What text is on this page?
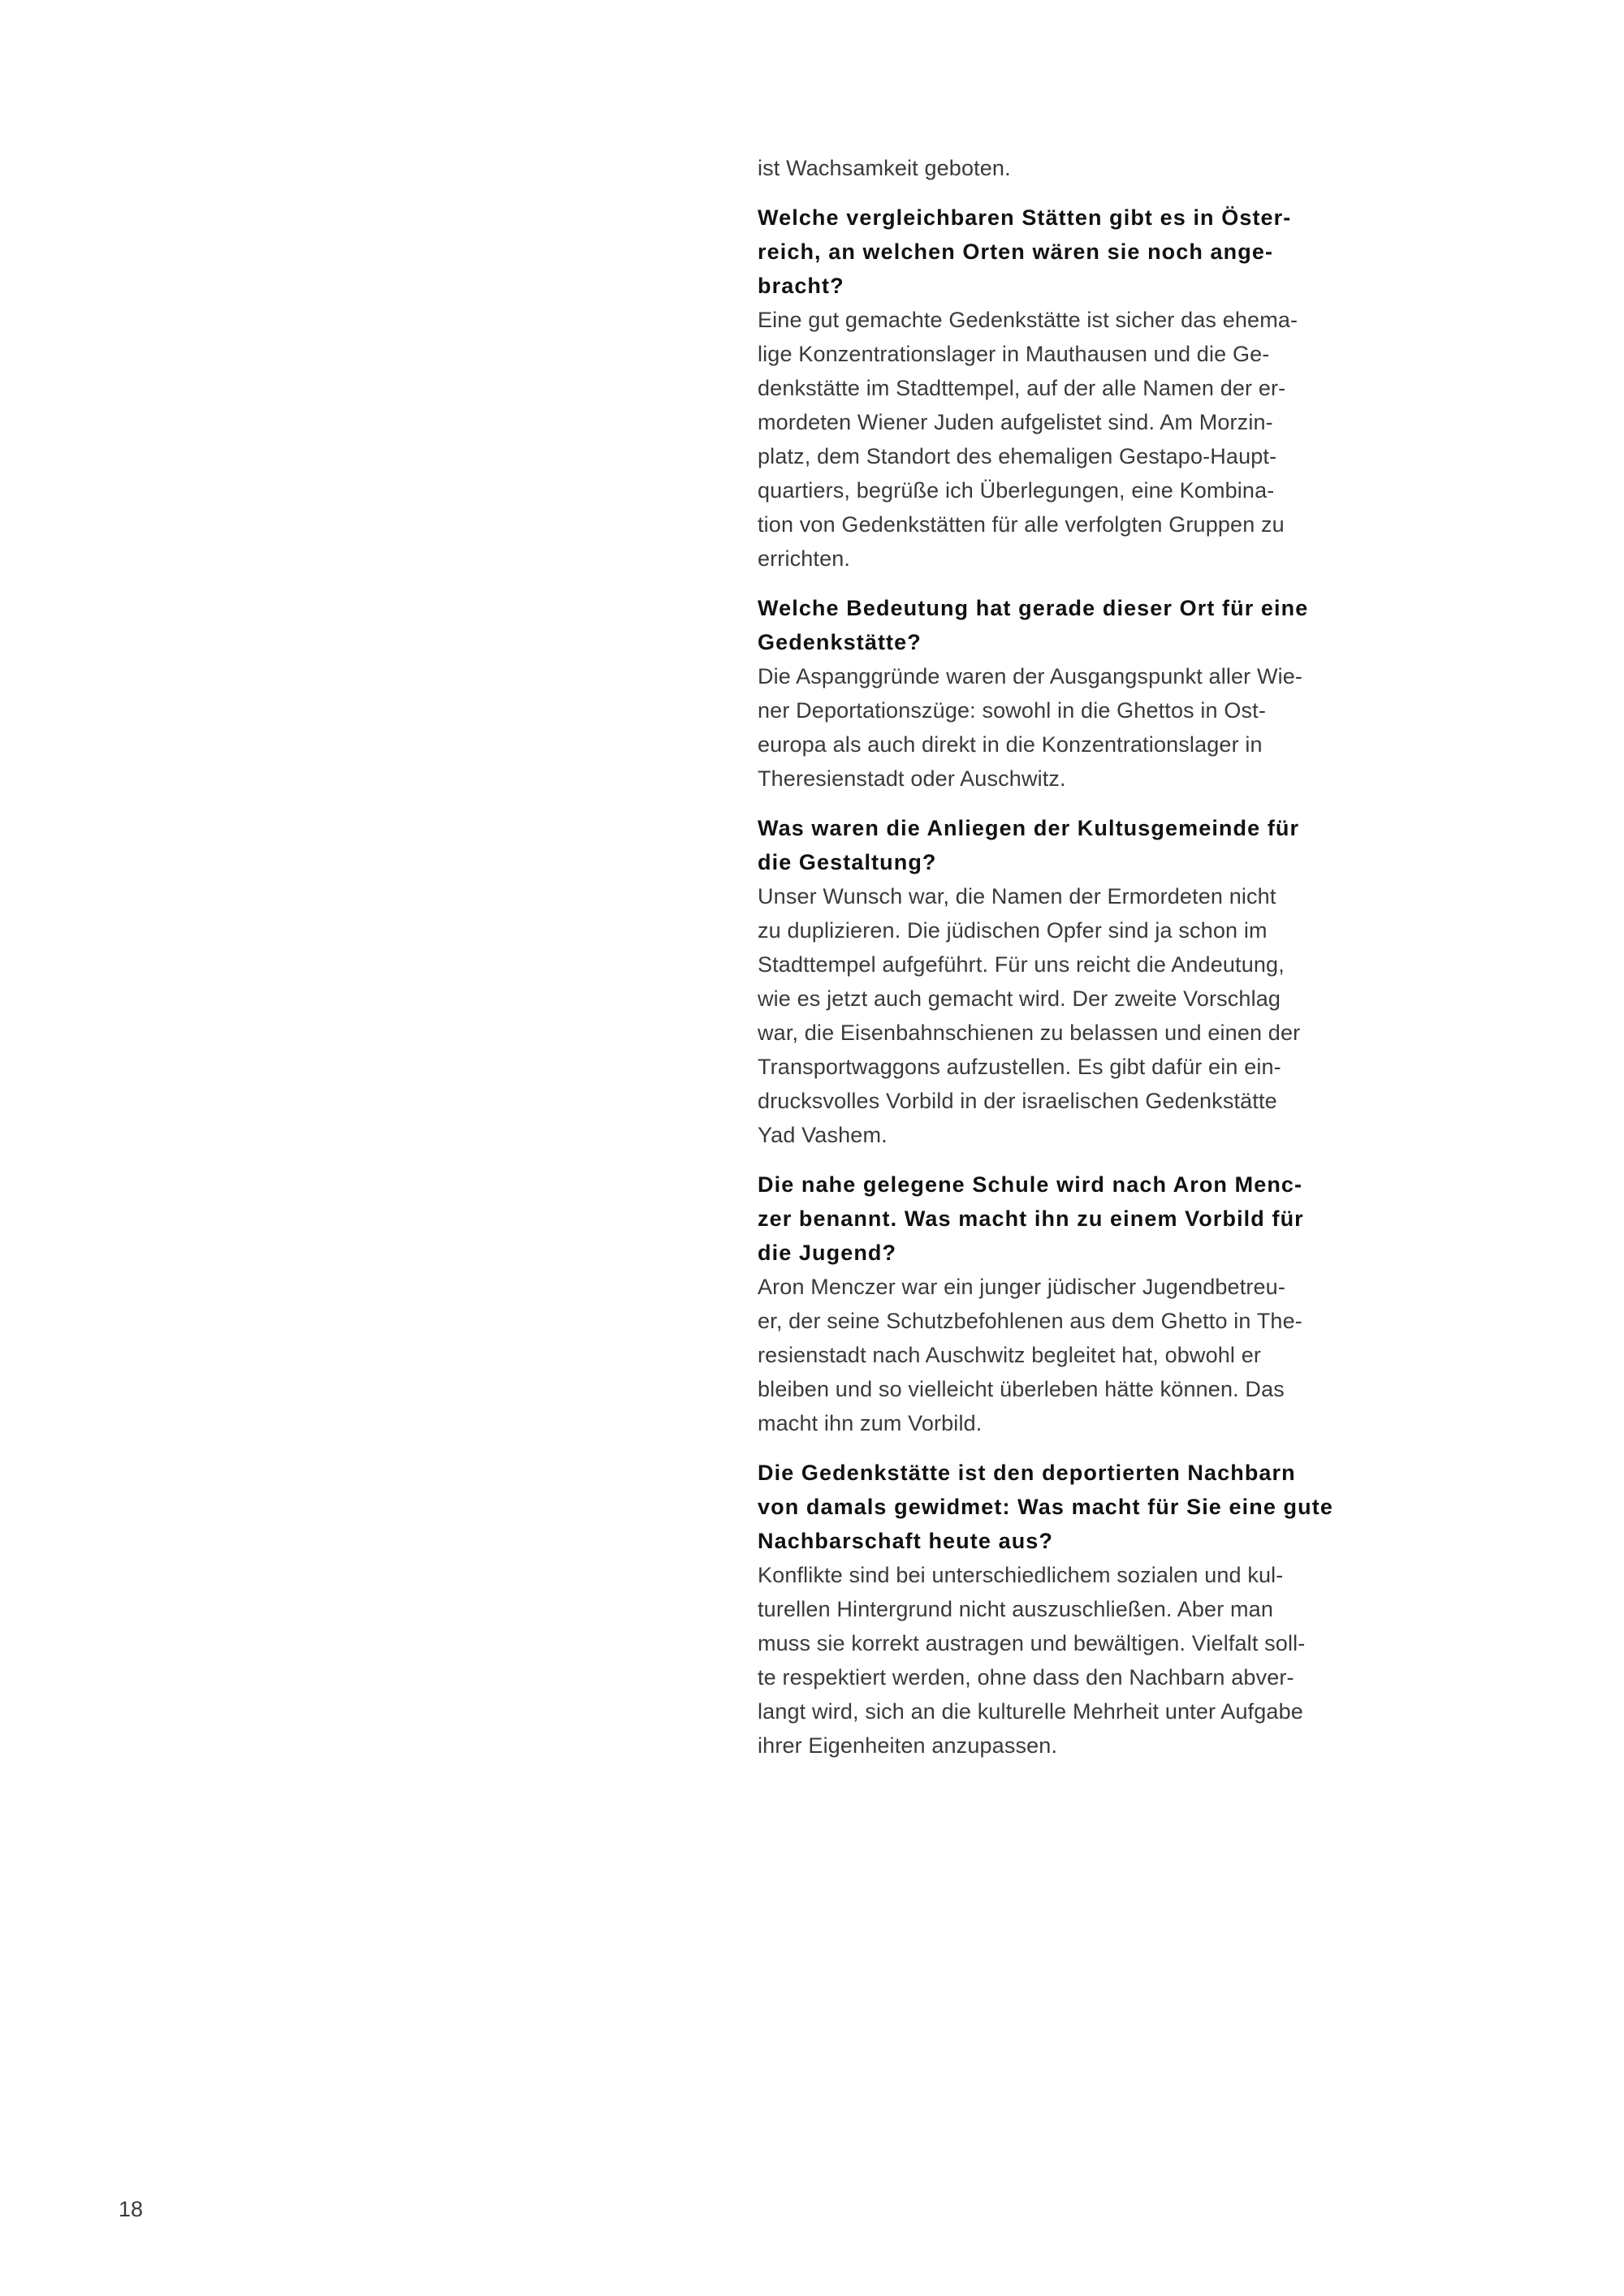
ist Wachsamkeit geboten.
Welche vergleichbaren Stätten gibt es in Öster-
reich, an welchen Orten wären sie noch ange-
bracht?
Eine gut gemachte Gedenkstätte ist sicher das ehema-
lige Konzentrationslager in Mauthausen und die Ge-
denkstätte im Stadttempel, auf der alle Namen der er-
mordeten Wiener Juden aufgelistet sind. Am Morzin-
platz, dem Standort des ehemaligen Gestapo-Haupt-
quartiers, begrüße ich Überlegungen, eine Kombina-
tion von Gedenkstätten für alle verfolgten Gruppen zu
errichten.
Welche Bedeutung hat gerade dieser Ort für eine
Gedenkstätte?
Die Aspanggründe waren der Ausgangspunkt aller Wie-
ner Deportationszüge: sowohl in die Ghettos in Ost-
europa als auch direkt in die Konzentrationslager in
Theresienstadt oder Auschwitz.
Was waren die Anliegen der Kultusgemeinde für
die Gestaltung?
Unser Wunsch war, die Namen der Ermordeten nicht
zu duplizieren. Die jüdischen Opfer sind ja schon im
Stadttempel aufgeführt. Für uns reicht die Andeutung,
wie es jetzt auch gemacht wird. Der zweite Vorschlag
war, die Eisenbahnschienen zu belassen und einen der
Transportwaggons aufzustellen. Es gibt dafür ein ein-
drucksvolles Vorbild in der israelischen Gedenkstätte
Yad Vashem.
Die nahe gelegene Schule wird nach Aron Menc-
zer benannt. Was macht ihn zu einem Vorbild für
die Jugend?
Aron Menczer war ein junger jüdischer Jugendbetreu-
er, der seine Schutzbefohlenen aus dem Ghetto in The-
resienstadt nach Auschwitz begleitet hat, obwohl er
bleiben und so vielleicht überleben hätte können. Das
macht ihn zum Vorbild.
Die Gedenkstätte ist den deportierten Nachbarn
von damals gewidmet: Was macht für Sie eine gute
Nachbarschaft heute aus?
Konflikte sind bei unterschiedlichem sozialen und kul-
turellen Hintergrund nicht auszuschließen. Aber man
muss sie korrekt austragen und bewältigen. Vielfalt soll-
te respektiert werden, ohne dass den Nachbarn abver-
langt wird, sich an die kulturelle Mehrheit unter Aufgabe
ihrer Eigenheiten anzupassen.
18
